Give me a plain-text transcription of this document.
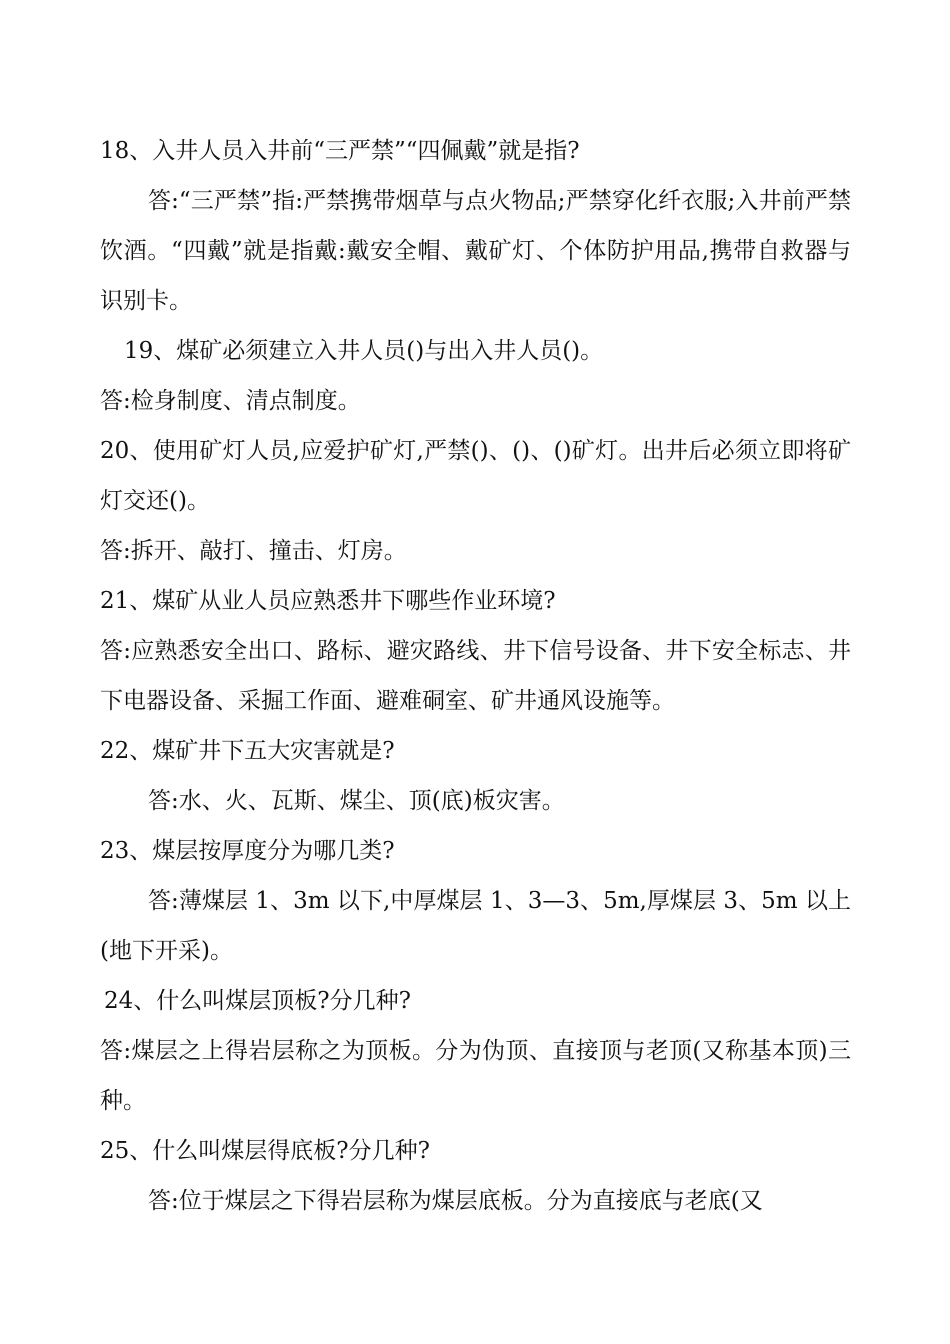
18、入井人员入井前“三严禁”“四佩戴”就是指?

答:“三严禁”指:严禁携带烟草与点火物品;严禁穿化纤衣服;入井前严禁饮酒。“四戴”就是指戴:戴安全帽、戴矿灯、个体防护用品,携带自救器与识别卡。

19、煤矿必须建立入井人员()与出入井人员()。

答:检身制度、清点制度。

20、使用矿灯人员,应爱护矿灯,严禁()、()、()矿灯。出井后必须立即将矿灯交还()。

答:拆开、敲打、撞击、灯房。

21、煤矿从业人员应熟悉井下哪些作业环境?

答:应熟悉安全出口、路标、避灾路线、井下信号设备、井下安全标志、井下电器设备、采掘工作面、避难硐室、矿井通风设施等。

22、煤矿井下五大灾害就是?

答:水、火、瓦斯、煤尘、顶(底)板灾害。

23、煤层按厚度分为哪几类?

答:薄煤层 1、3m 以下,中厚煤层 1、3—3、5m,厚煤层 3、5m 以上(地下开采)。

24、什么叫煤层顶板?分几种?

答:煤层之上得岩层称之为顶板。分为伪顶、直接顶与老顶(又称基本顶)三种。

25、什么叫煤层得底板?分几种?

答:位于煤层之下得岩层称为煤层底板。分为直接底与老底(又
